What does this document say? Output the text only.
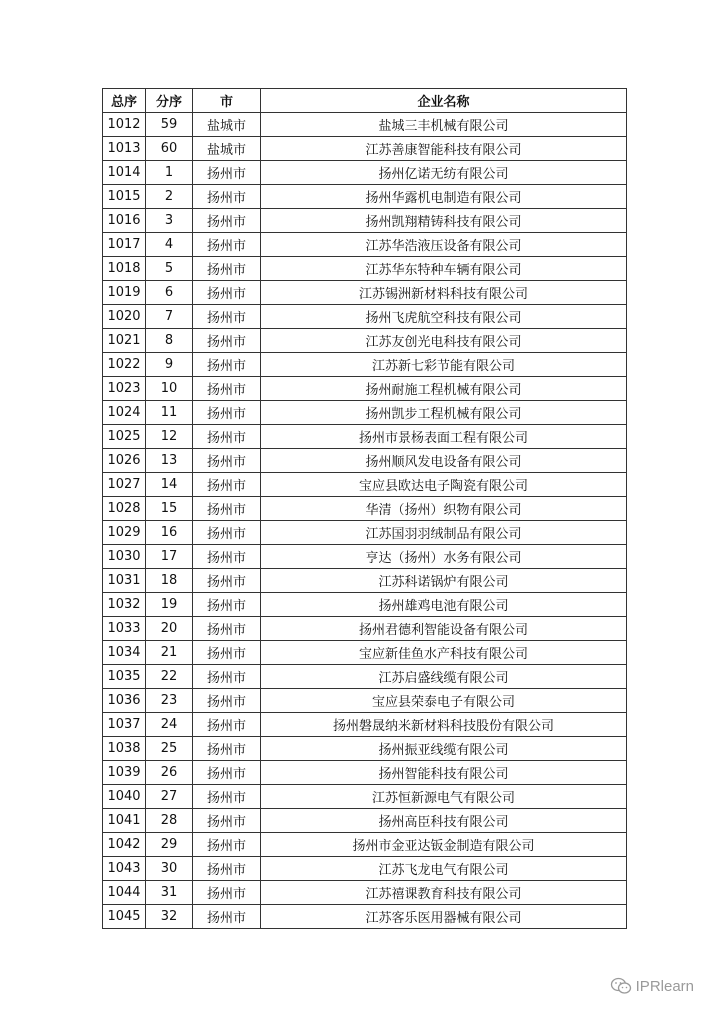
总序	分序	市	企业名称
1012	59	盐城市	盐城三丰机械有限公司
1013	60	盐城市	江苏善康智能科技有限公司
1014	1	扬州市	扬州亿诺无纺有限公司
1015	2	扬州市	扬州华露机电制造有限公司
1016	3	扬州市	扬州凯翔精铸科技有限公司
1017	4	扬州市	江苏华浩液压设备有限公司
1018	5	扬州市	江苏华东特种车辆有限公司
1019	6	扬州市	江苏锡洲新材料科技有限公司
1020	7	扬州市	扬州飞虎航空科技有限公司
1021	8	扬州市	江苏友创光电科技有限公司
1022	9	扬州市	江苏新七彩节能有限公司
1023	10	扬州市	扬州耐施工程机械有限公司
1024	11	扬州市	扬州凯步工程机械有限公司
1025	12	扬州市	扬州市景杨表面工程有限公司
1026	13	扬州市	扬州顺风发电设备有限公司
1027	14	扬州市	宝应县欧达电子陶瓷有限公司
1028	15	扬州市	华清（扬州）织物有限公司
1029	16	扬州市	江苏国羽羽绒制品有限公司
1030	17	扬州市	亨达（扬州）水务有限公司
1031	18	扬州市	江苏科诺锅炉有限公司
1032	19	扬州市	扬州雄鸡电池有限公司
1033	20	扬州市	扬州君德利智能设备有限公司
1034	21	扬州市	宝应新佳鱼水产科技有限公司
1035	22	扬州市	江苏启盛线缆有限公司
1036	23	扬州市	宝应县荣泰电子有限公司
1037	24	扬州市	扬州磐晟纳米新材料科技股份有限公司
1038	25	扬州市	扬州振亚线缆有限公司
1039	26	扬州市	扬州智能科技有限公司
1040	27	扬州市	江苏恒新源电气有限公司
1041	28	扬州市	扬州高臣科技有限公司
1042	29	扬州市	扬州市金亚达钣金制造有限公司
1043	30	扬州市	江苏飞龙电气有限公司
1044	31	扬州市	江苏禧课教育科技有限公司
1045	32	扬州市	江苏客乐医用器械有限公司
IPRlearn
